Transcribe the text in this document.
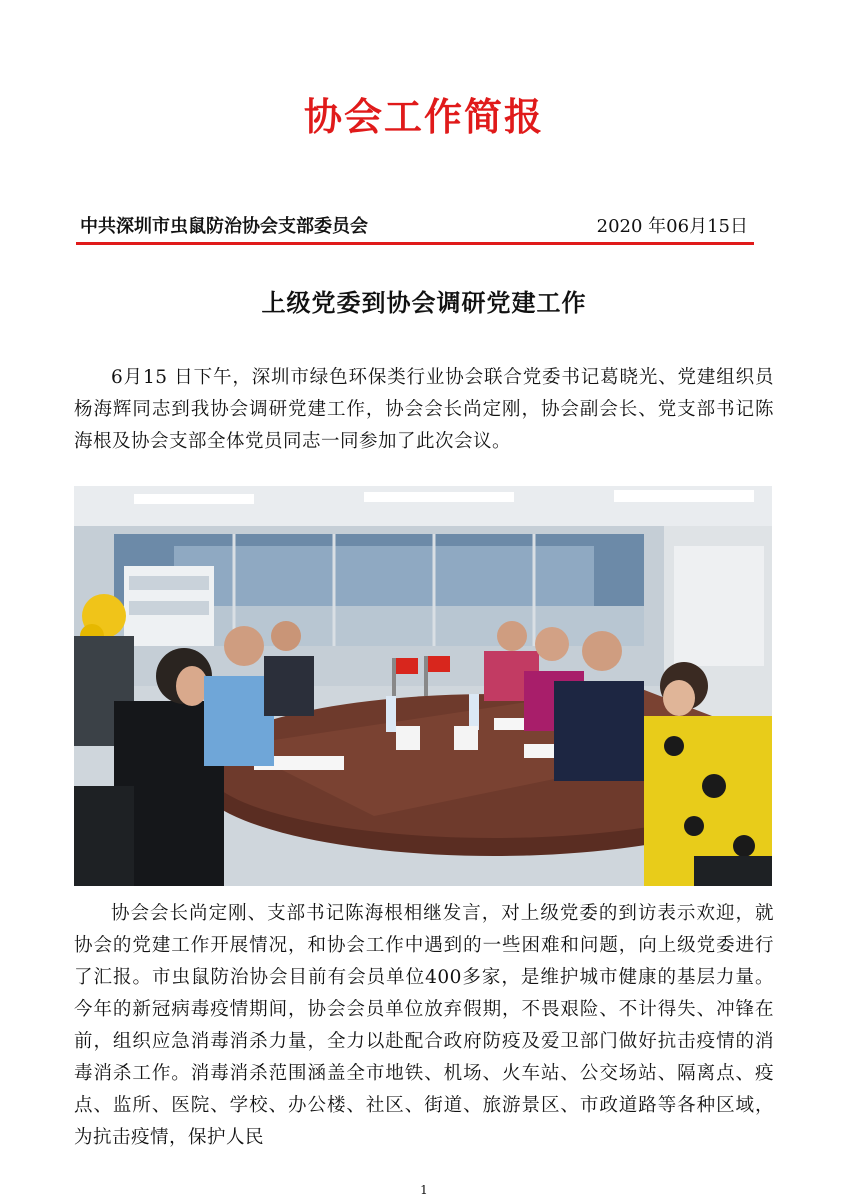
协会工作简报
中共深圳市虫鼠防治协会支部委员会	2020 年06月15日
上级党委到协会调研党建工作

6月15 日下午，深圳市绿色环保类行业协会联合党委书记葛晓光、党建组织员杨海辉同志到我协会调研党建工作，协会会长尚定刚，协会副会长、党支部书记陈海根及协会支部全体党员同志一同参加了此次会议。

协会会长尚定刚、支部书记陈海根相继发言，对上级党委的到访表示欢迎，就协会的党建工作开展情况，和协会工作中遇到的一些困难和问题，向上级党委进行了汇报。市虫鼠防治协会目前有会员单位400多家，是维护城市健康的基层力量。今年的新冠病毒疫情期间，协会会员单位放弃假期，不畏艰险、不计得失、冲锋在前，组织应急消毒消杀力量，全力以赴配合政府防疫及爱卫部门做好抗击疫情的消毒消杀工作。消毒消杀范围涵盖全市地铁、机场、火车站、公交场站、隔离点、疫点、监所、医院、学校、办公楼、社区、街道、旅游景区、市政道路等各种区域，为抗击疫情，保护人民

1
